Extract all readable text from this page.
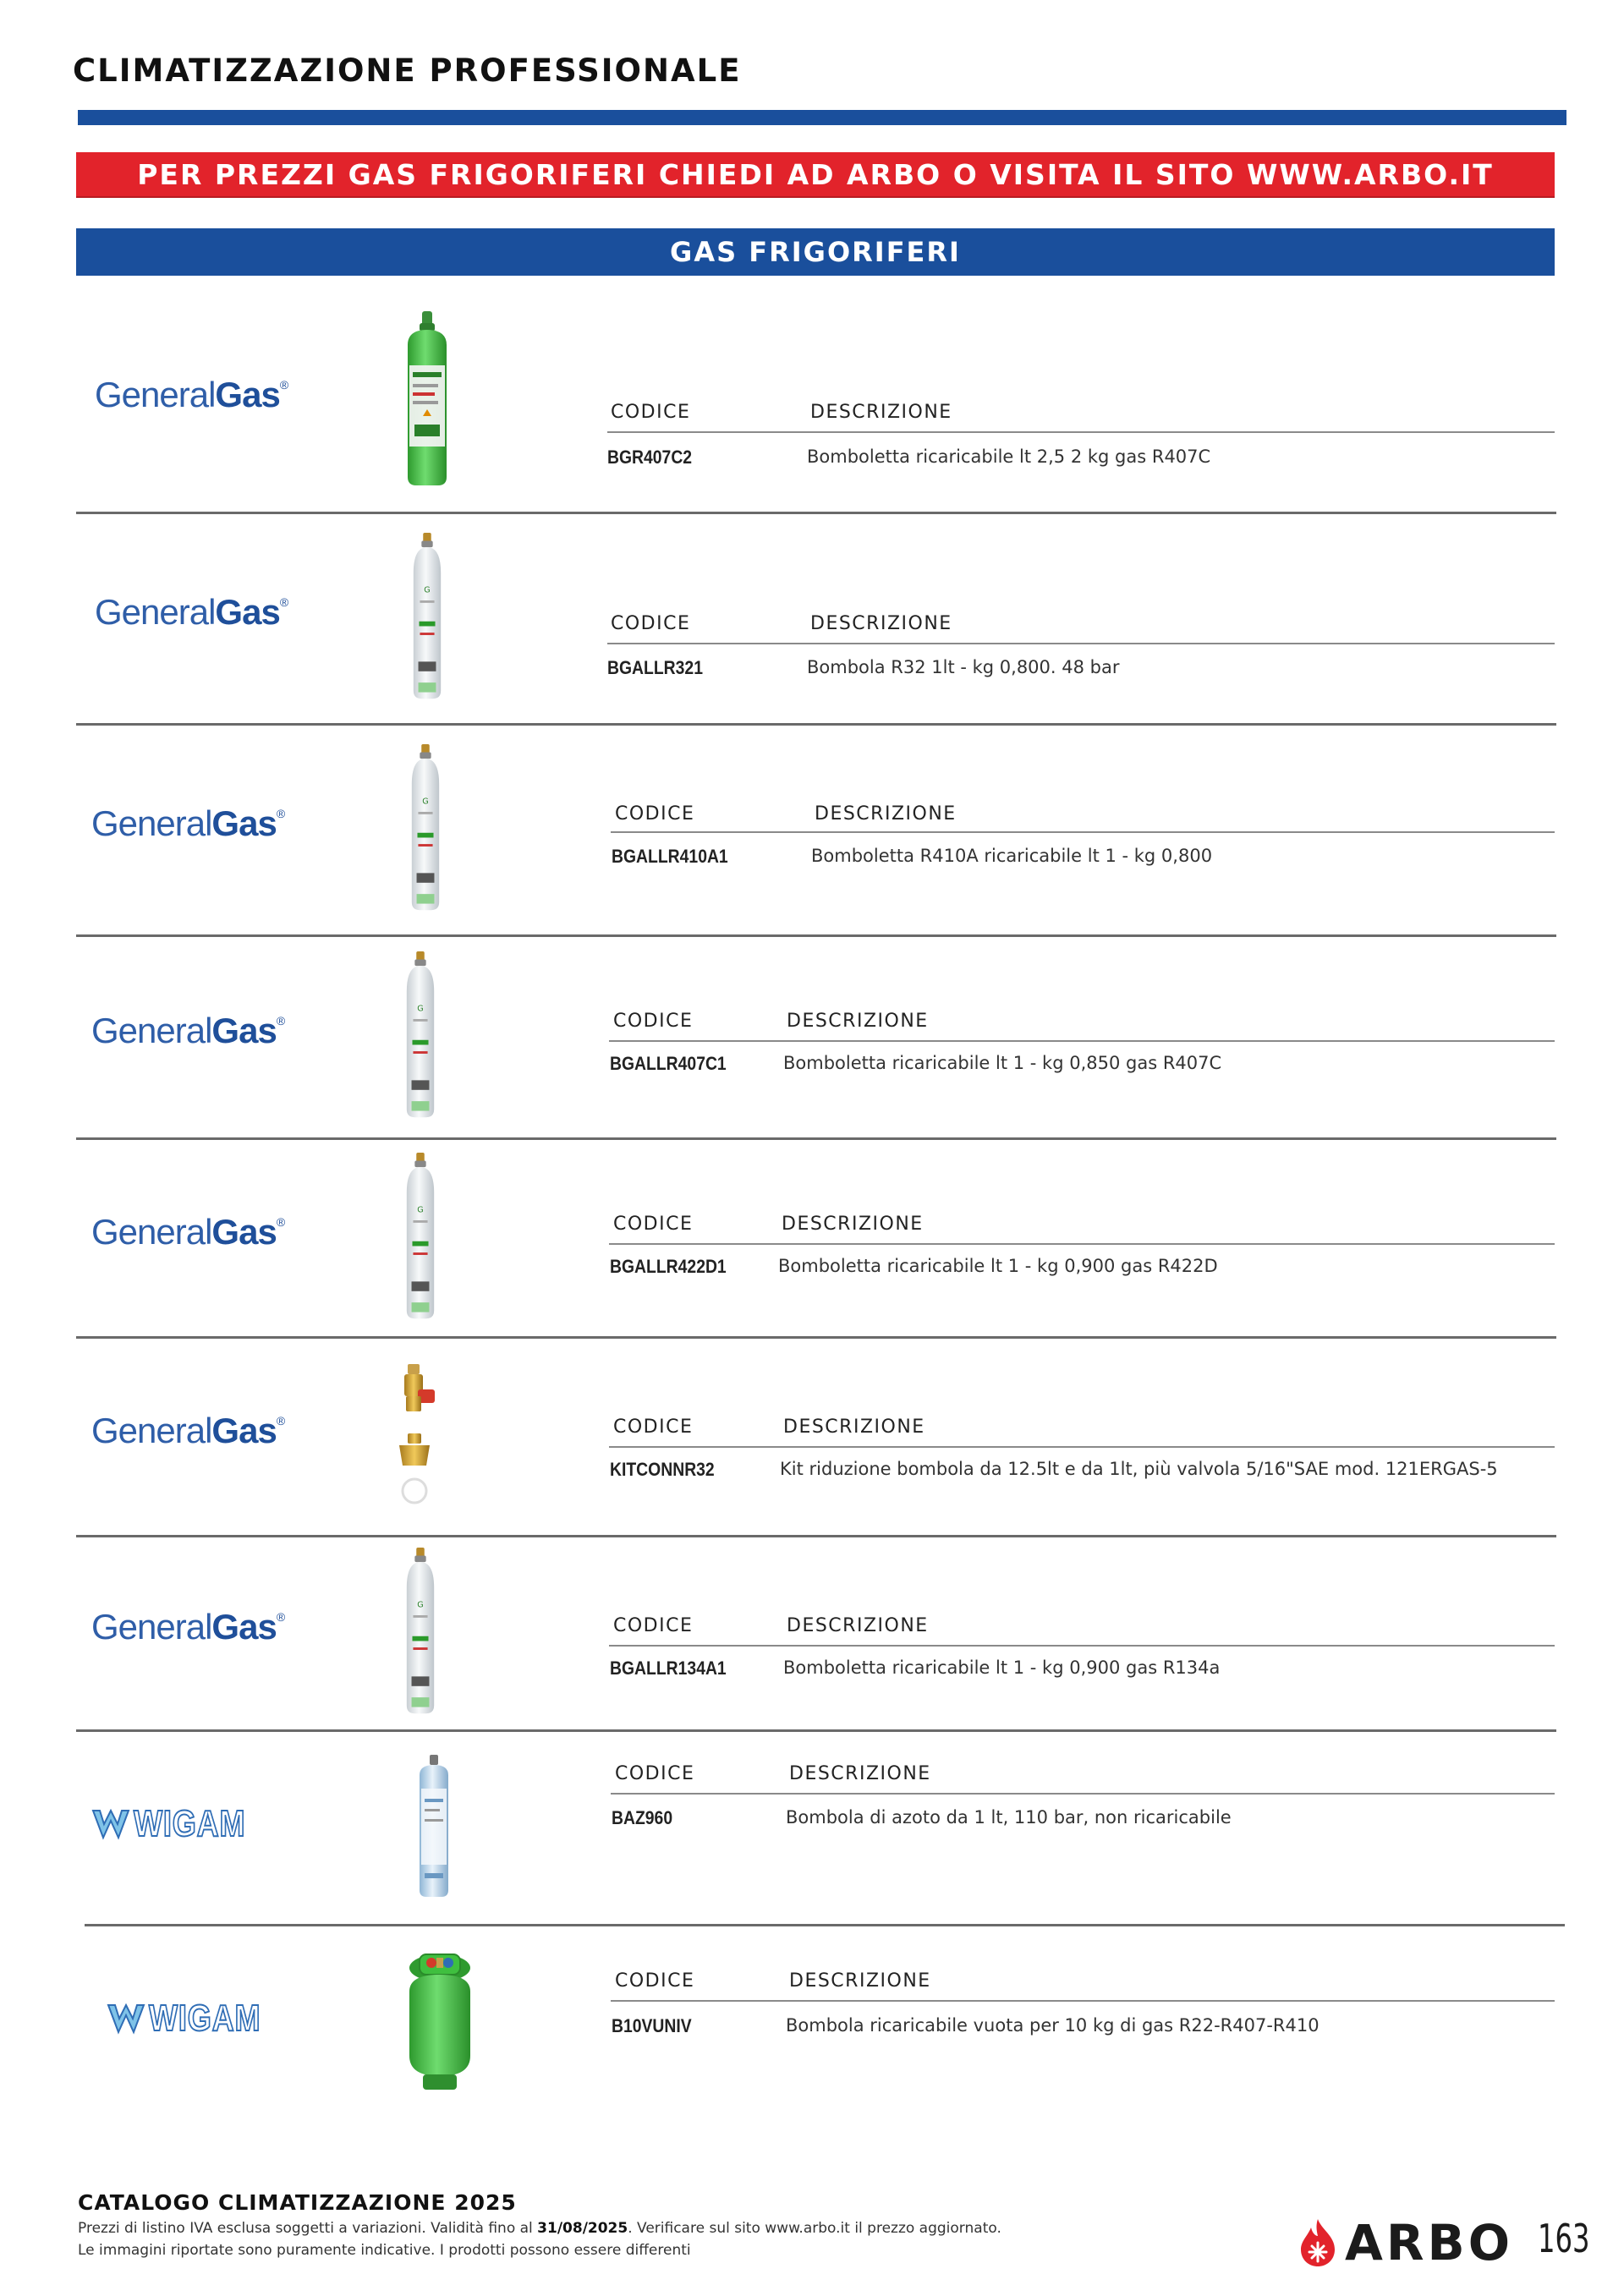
CLIMATIZZAZIONE PROFESSIONALE
PER PREZZI GAS FRIGORIFERI CHIEDI AD ARBO O VISITA IL SITO WWW.ARBO.IT
GAS FRIGORIFERI
GeneralGas®
CODICE	DESCRIZIONE
BGR407C2	Bomboletta ricaricabile lt 2,5 2 kg gas R407C
GeneralGas®
G
CODICE	DESCRIZIONE
BGALLR321	Bombola R32 1lt - kg 0,800. 48 bar
GeneralGas®
G
CODICE	DESCRIZIONE
BGALLR410A1	Bomboletta R410A ricaricabile lt 1 - kg 0,800
GeneralGas®
G
CODICE	DESCRIZIONE
BGALLR407C1	Bomboletta ricaricabile lt 1 - kg 0,850 gas R407C
GeneralGas®
G
CODICE	DESCRIZIONE
BGALLR422D1	Bomboletta ricaricabile lt 1 - kg 0,900 gas R422D
GeneralGas®	CODICE	DESCRIZIONE
KITCONNR32	Kit riduzione bombola da 12.5lt e da 1lt, più valvola 5/16"SAE mod. 121ERGAS-5
GeneralGas®
G
CODICE	DESCRIZIONE
BGALLR134A1	Bomboletta ricaricabile lt 1 - kg 0,900 gas R134a
WIGAM
CODICE	DESCRIZIONE
BAZ960	Bombola di azoto da 1 lt, 110 bar, non ricaricabile
WIGAM
CODICE	DESCRIZIONE
B10VUNIV	Bombola ricaricabile vuota per 10 kg di gas R22-R407-R410
CATALOGO CLIMATIZZAZIONE 2025
Prezzi di listino IVA esclusa soggetti a variazioni. Validità fino al 31/08/2025. Verificare sul sito www.arbo.it il prezzo aggiornato.
Le immagini riportate sono puramente indicative. I prodotti possono essere differenti	ARBO 163
